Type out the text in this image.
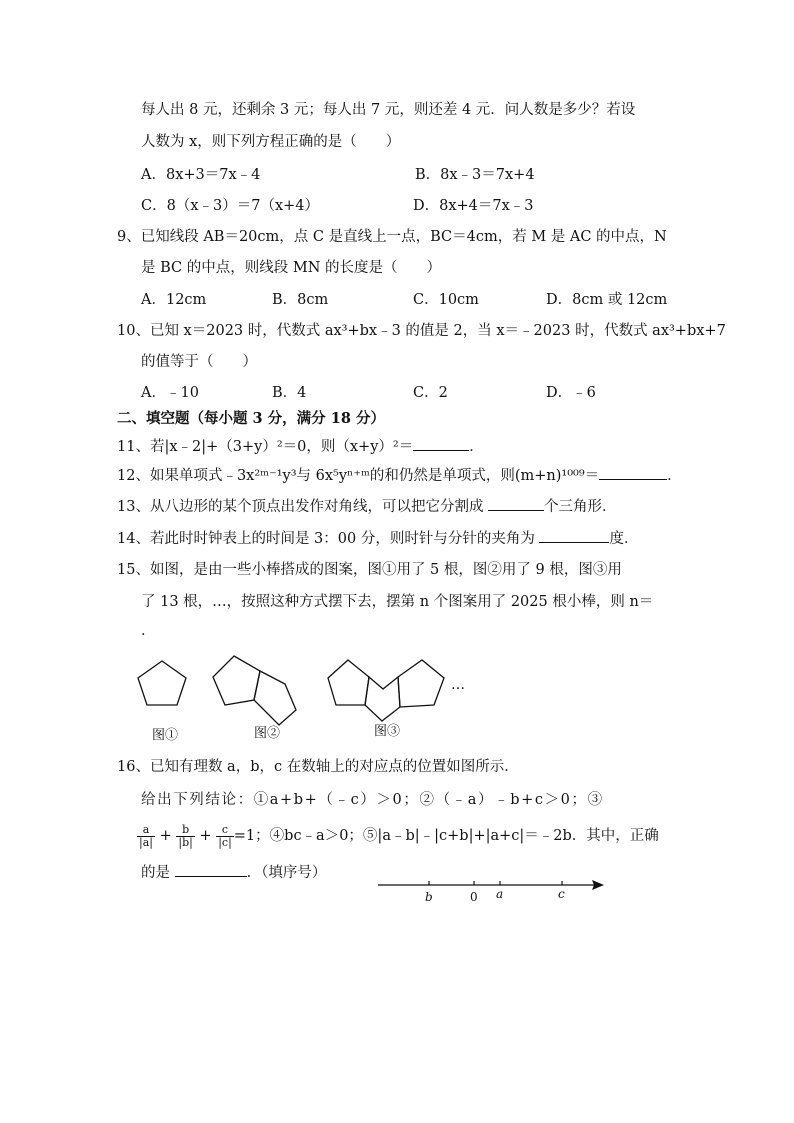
每人出 8 元，还剩余 3 元；每人出 7 元，则还差 4 元．问人数是多少？若设
人数为 x，则下列方程正确的是（　　）
A．8x+3＝7x﹣4	B．8x﹣3＝7x+4
C．8（x﹣3）＝7（x+4）	D．8x+4＝7x﹣3
9、已知线段 AB＝20cm，点 C 是直线上一点，BC＝4cm，若 M 是 AC 的中点，N
是 BC 的中点，则线段 MN 的长度是（　　）
A．12cm	B．8cm	C．10cm	D．8cm 或 12cm
10、已知 x＝2023 时，代数式 ax³+bx﹣3 的值是 2，当 x＝﹣2023 时，代数式 ax³+bx+7
的值等于（　　）
A．﹣10	B．4	C．2	D．﹣6
二、填空题（每小题 3 分，满分 18 分）
11、若|x﹣2|+（3+y）²＝0，则（x+y）²＝	．
12、如果单项式﹣3x²ᵐ⁻¹y³与 6x⁵yⁿ⁺ᵐ的和仍然是单项式，则(m+n)¹⁰⁰⁹＝	．
13、从八边形的某个顶点出发作对角线，可以把它分割成	个三角形．
14、若此时时钟表上的时间是 3：00 分，则时针与分针的夹角为	度．
15、如图，是由一些小棒搭成的图案，图①用了 5 根，图②用了 9 根，图③用
了 13 根，…，按照这种方式摆下去，摆第 n 个图案用了 2025 根小棒，则 n＝
．
…
图①	图②	图③
16、已知有理数 a，b，c 在数轴上的对应点的位置如图所示．
给出下列结论：①a+b+（﹣c）＞0；②（﹣a）﹣b+c＞0；③
$\frac{a}{|a|} + \frac{b}{|b|} + \frac{c}{|c|} =1$；④bc﹣a＞0；⑤|a﹣b|﹣|c+b|+|a+c|＝﹣2b．其中，正确
的是	．（填序号）
b	0 a	c
